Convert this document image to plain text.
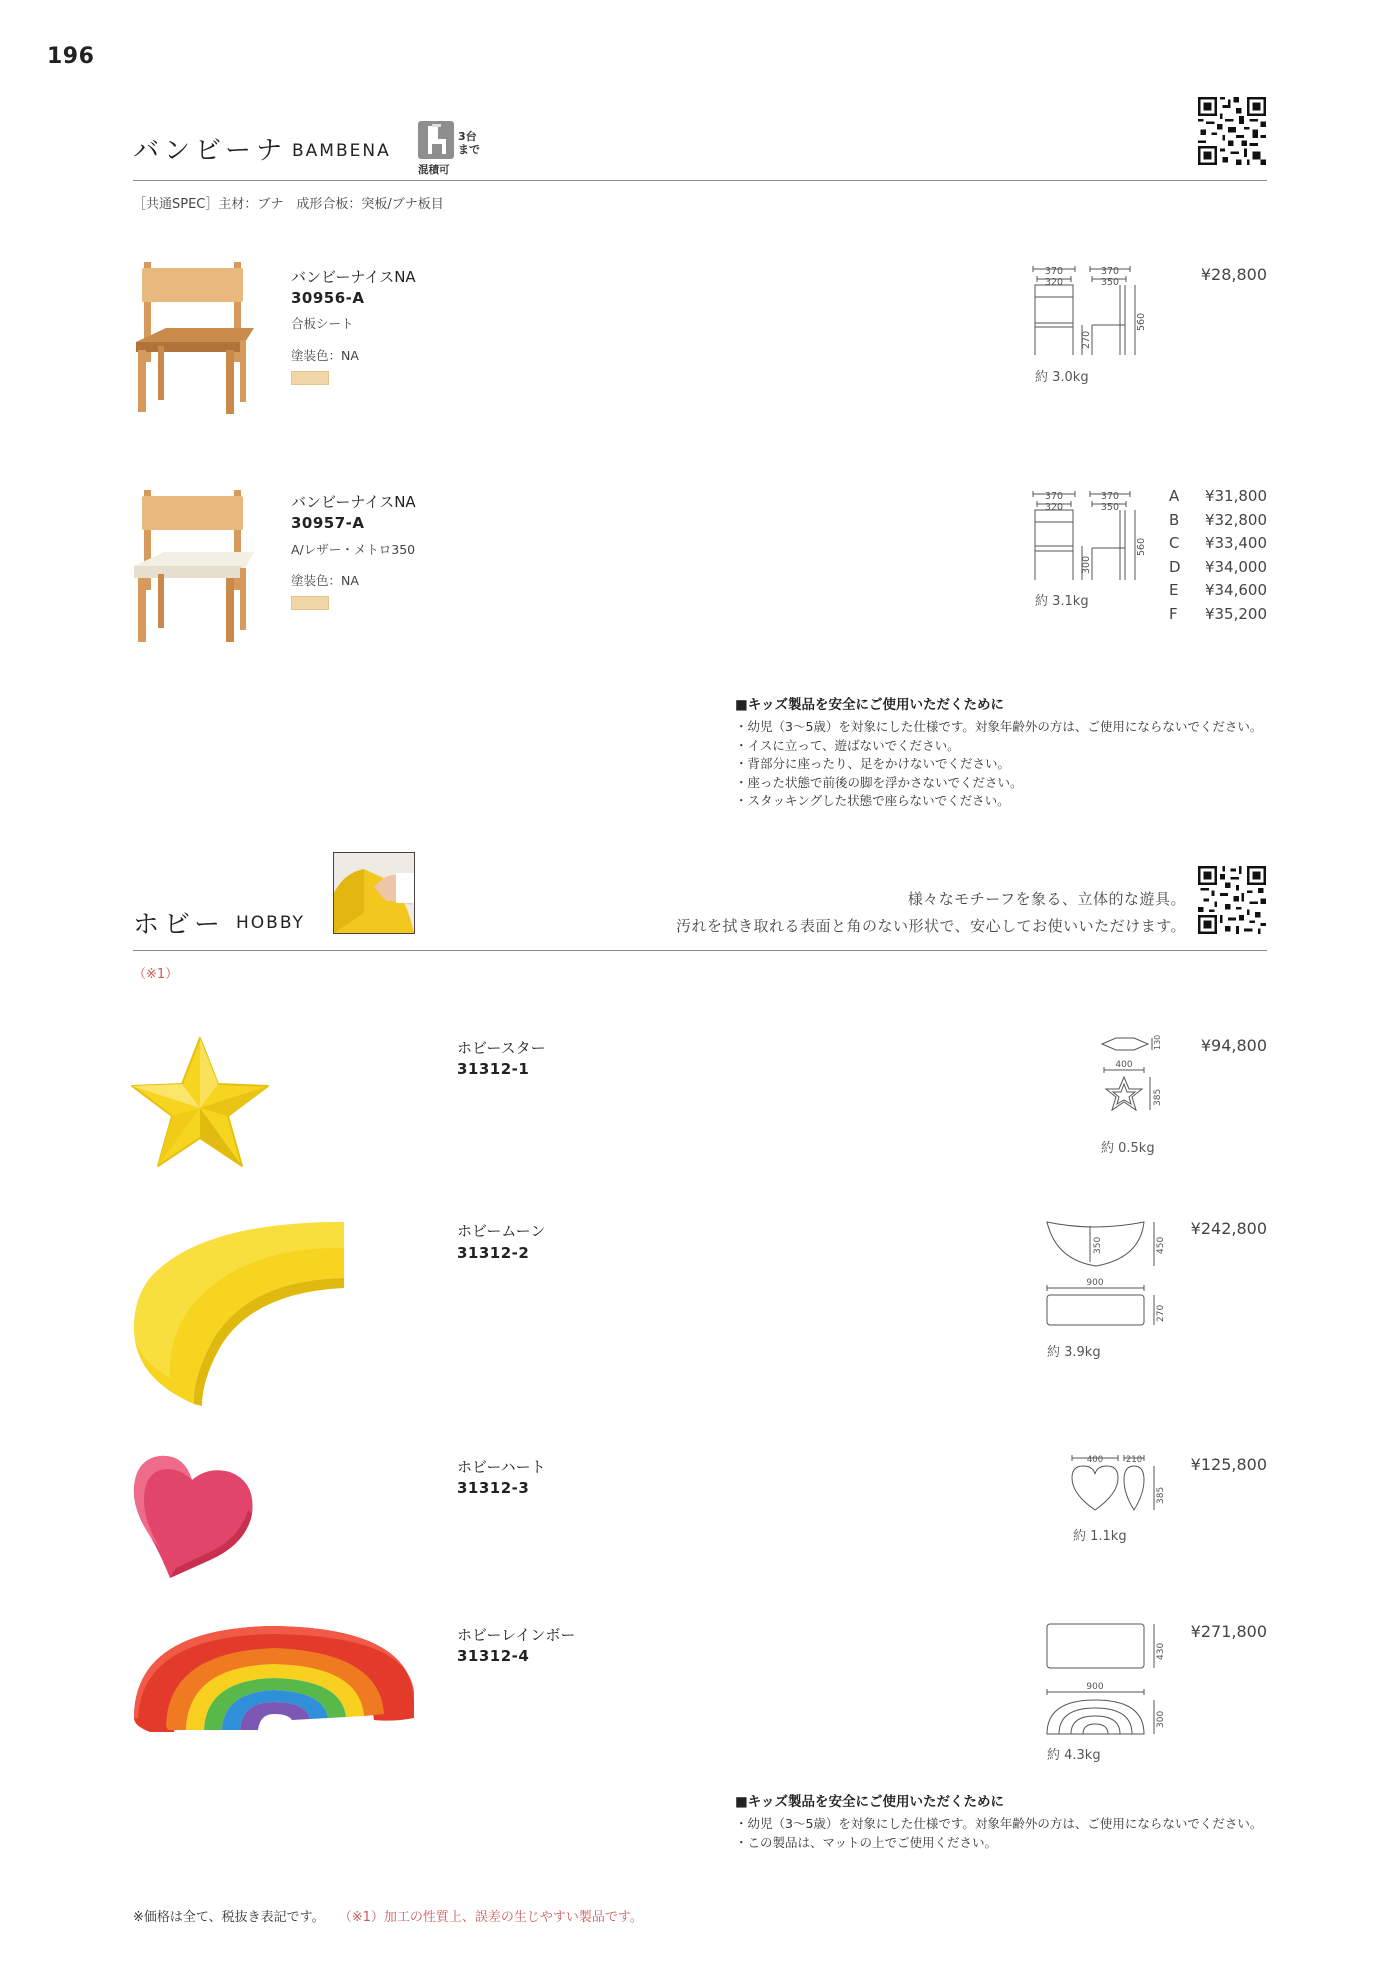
196
バンビーナ BAMBENA
3台
まで
混積可
［共通SPEC］主材：ブナ　成形合板：突板/ブナ板目
バンビーナイスNA
30956-A
合板シート
塗装色：NA
370
320
370
350
270
560
約 3.0kg
¥28,800
バンビーナイスNA
30957-A
A/レザー・メトロ350
塗装色：NA
370
320
370
350
300
560
約 3.1kg
A ¥31,800
B ¥32,800
C ¥33,400
D ¥34,000
E	¥34,600
F	¥35,200
■キッズ製品を安全にご使用いただくために
・幼児（3～5歳）を対象にした仕様です。対象年齢外の方は、ご使用にならないでください。
・イスに立って、遊ばないでください。
・背部分に座ったり、足をかけないでください。
・座った状態で前後の脚を浮かさないでください。
・スタッキングした状態で座らないでください。
ホビー HOBBY
様々なモチーフを象る、立体的な遊具。
汚れを拭き取れる表面と角のない形状で、安心してお使いいただけます。
（※1）
ホビースター
31312-1
130
400
385
約 0.5kg
¥94,800
ホビームーン
31312-2	350	450
900
270
約 3.9kg
¥242,800
ホビーハート
31312-3
400	210
385
約 1.1kg
¥125,800
ホビーレインボー
31312-4	430
900
300
約 4.3kg
¥271,800
■キッズ製品を安全にご使用いただくために
・幼児（3～5歳）を対象にした仕様です。対象年齢外の方は、ご使用にならないでください。
・この製品は、マットの上でご使用ください。
※価格は全て、税抜き表記です。 （※1）加工の性質上、誤差の生じやすい製品です。
